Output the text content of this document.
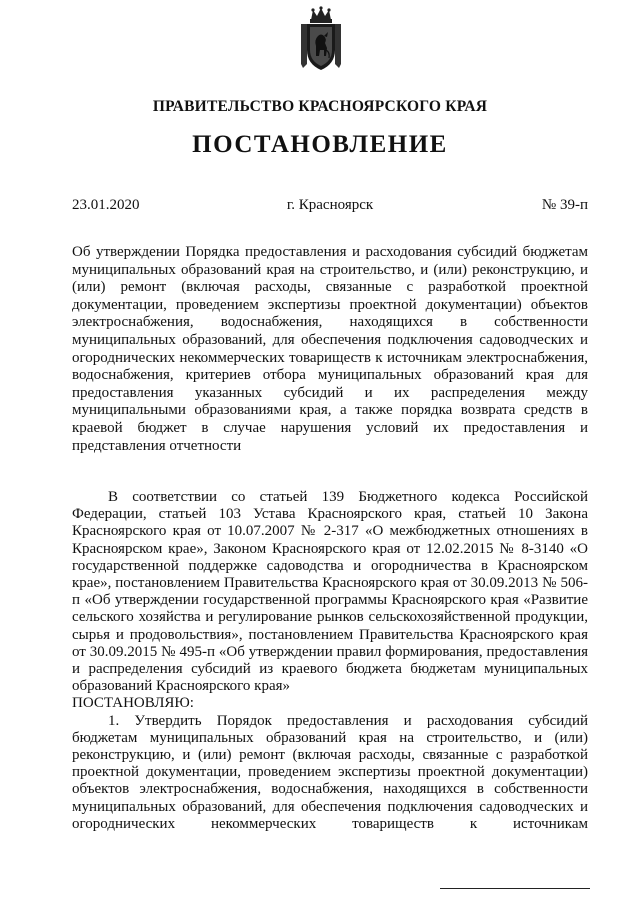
ПРАВИТЕЛЬСТВО КРАСНОЯРСКОГО КРАЯ
ПОСТАНОВЛЕНИЕ
23.01.2020	г. Красноярск	№ 39-п
Об утверждении Порядка предоставления и расходования субсидий бюджетам муниципальных образований края на строительство, и (или) реконструкцию, и (или) ремонт (включая расходы, связанные с разработкой проектной документации, проведением экспертизы проектной документации) объектов электроснабжения, водоснабжения, находящихся в собственности муниципальных образований, для обеспечения подключения садоводческих и огороднических некоммерческих товариществ к источникам электроснабжения, водоснабжения, критериев отбора муниципальных образований края для предоставления указанных субсидий и их распределения между муниципальными образованиями края, а также порядка возврата средств в краевой бюджет в случае нарушения условий их предоставления и представления отчетности

В соответствии со статьей 139 Бюджетного кодекса Российской Федерации, статьей 103 Устава Красноярского края, статьей 10 Закона Красноярского края от 10.07.2007 № 2-317 «О межбюджетных отношениях в Красноярском крае», Законом Красноярского края от 12.02.2015 № 8-3140 «О государственной поддержке садоводства и огородничества в Красноярском крае», постановлением Правительства Красноярского края от 30.09.2013 № 506-п «Об утверждении государственной программы Красноярского края «Развитие сельского хозяйства и регулирование рынков сельскохозяйственной продукции, сырья и продовольствия», постановлением Правительства Красноярского края от 30.09.2015 № 495-п «Об утверждении правил формирования, предоставления и распределения субсидий из краевого бюджета бюджетам муниципальных образований Красноярского края»

ПОСТАНОВЛЯЮ:

1. Утвердить Порядок предоставления и расходования субсидий бюджетам муниципальных образований края на строительство, и (или) реконструкцию, и (или) ремонт (включая расходы, связанные с разработкой проектной документации, проведением экспертизы проектной документации) объектов электроснабжения, водоснабжения, находящихся в собственности муниципальных образований, для обеспечения подключения садоводческих и огороднических некоммерческих товариществ к источникам
